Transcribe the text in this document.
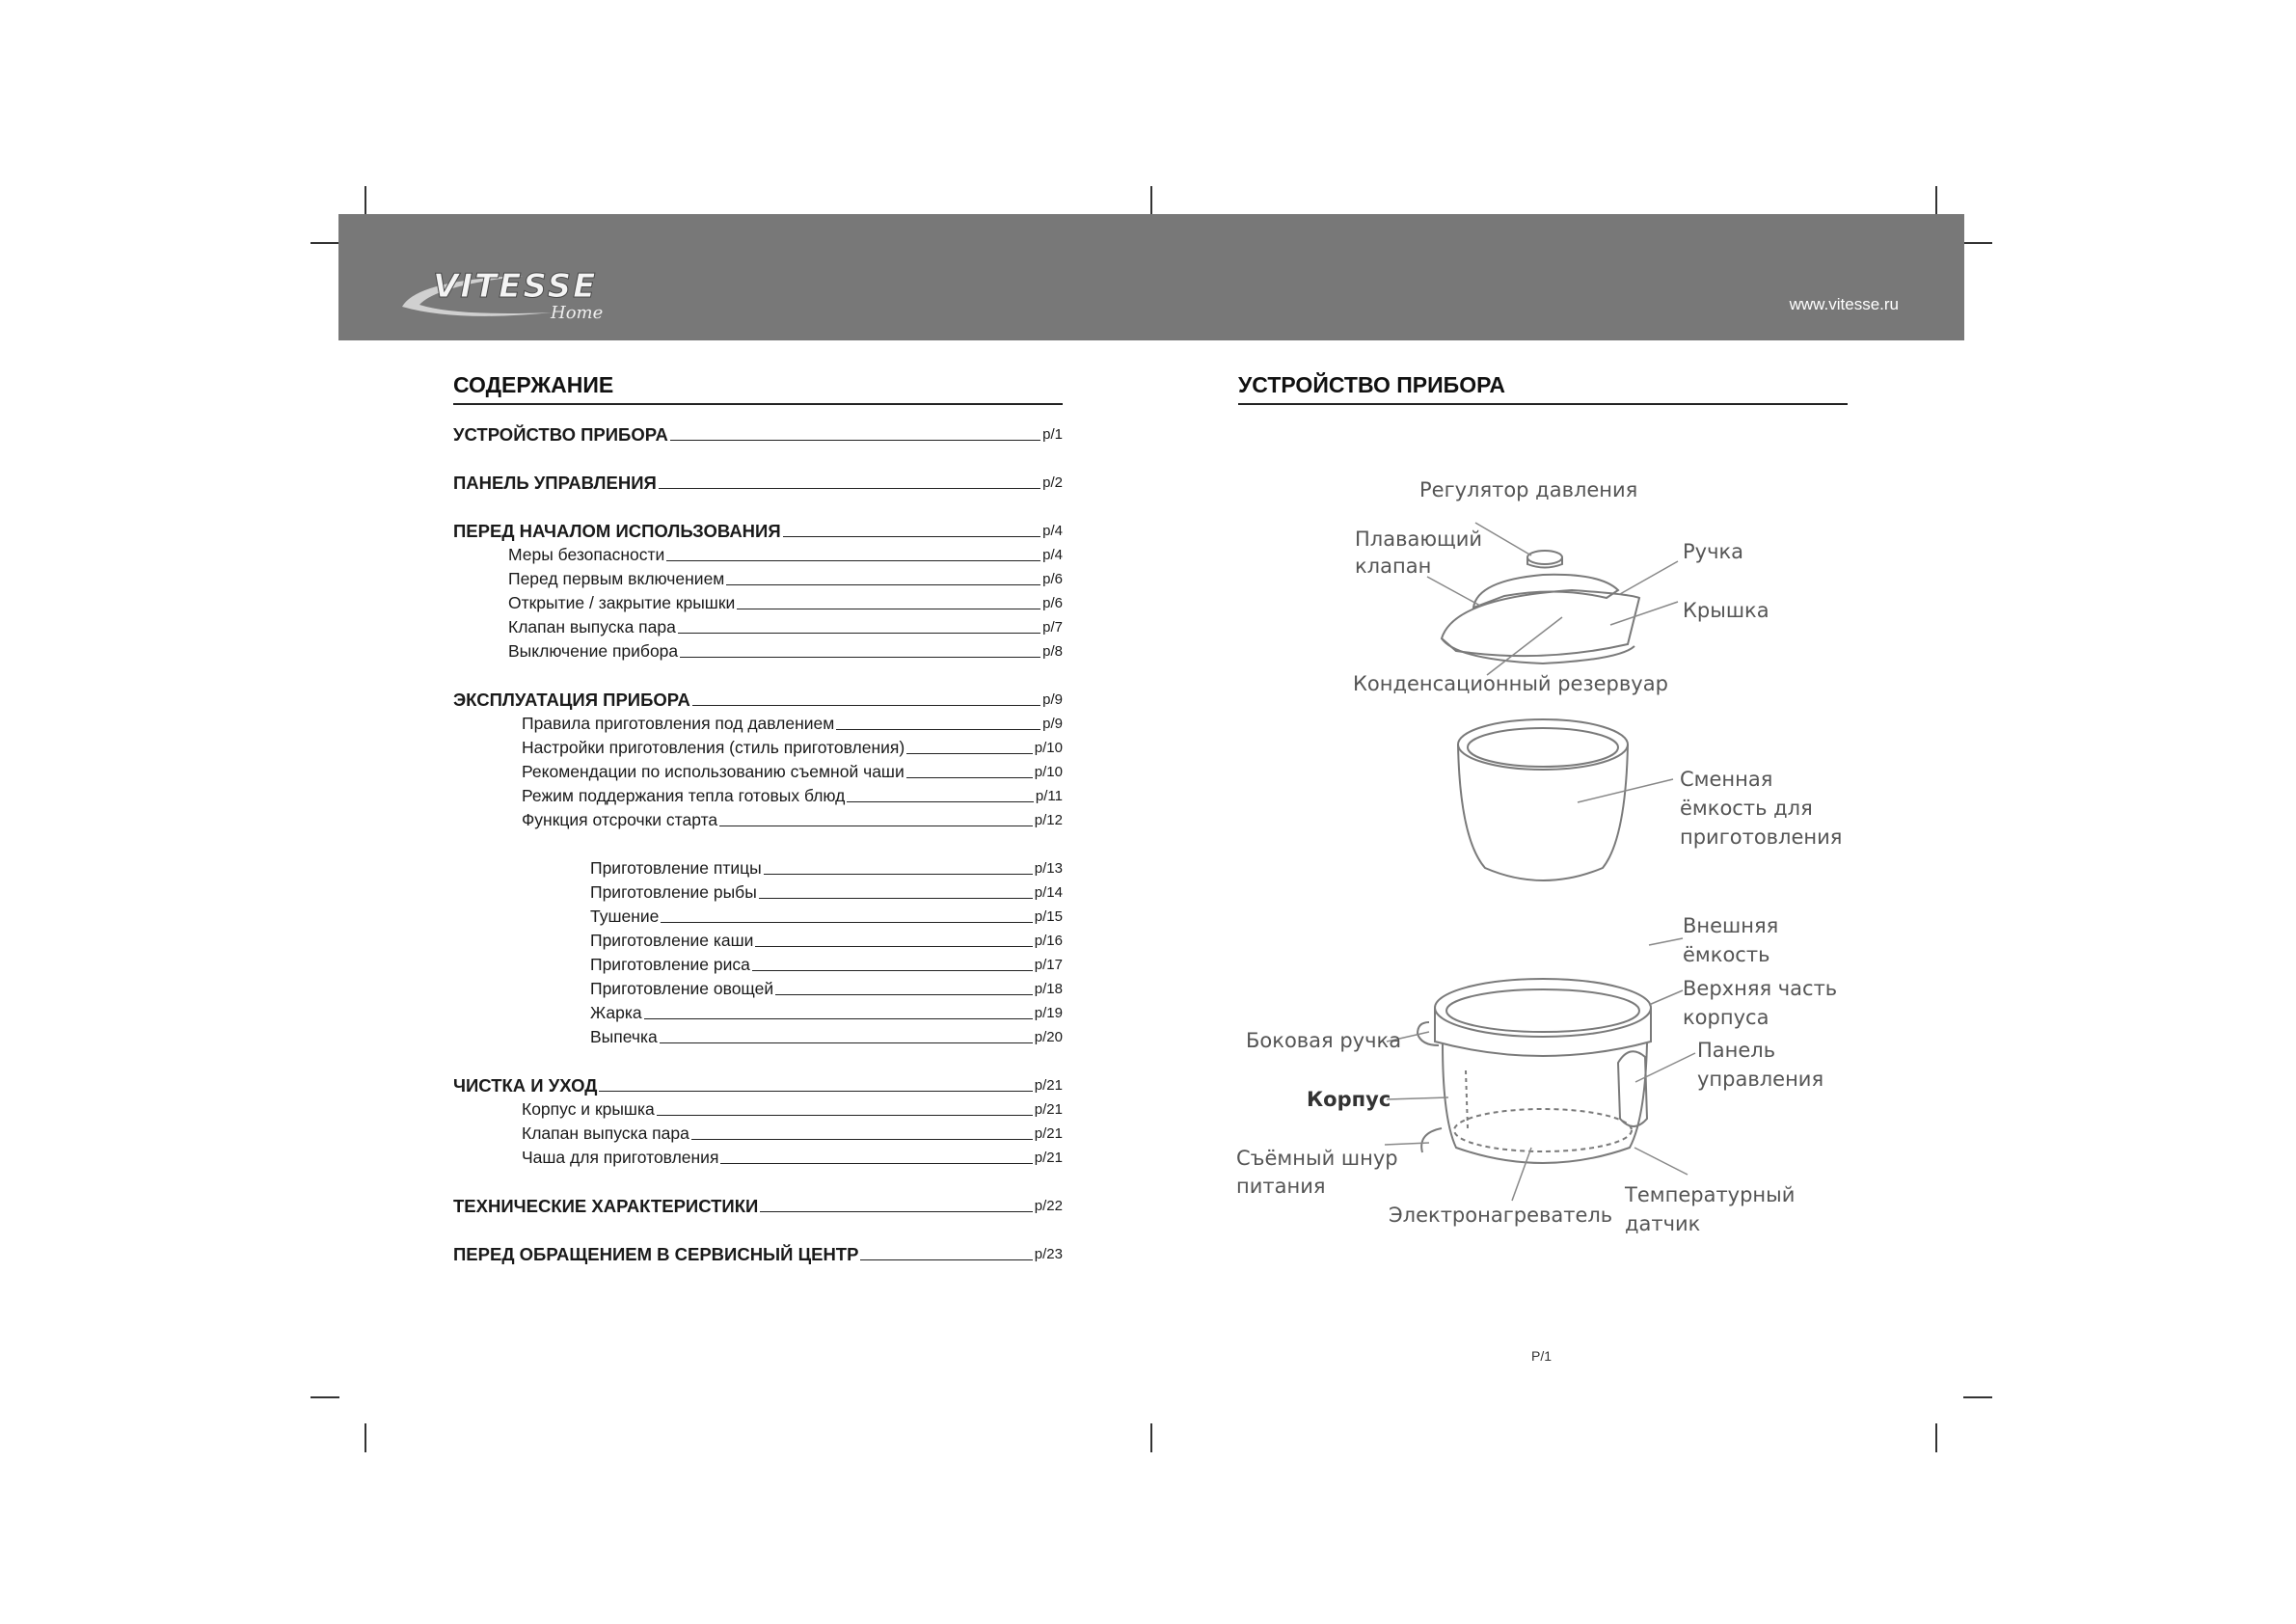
VITESSE
Home	www.vitesse.ru
СОДЕРЖАНИЕ
УСТРОЙСТВО ПРИБОРА	p/1
ПАНЕЛЬ УПРАВЛЕНИЯ	p/2
ПЕРЕД НАЧАЛОМ ИСПОЛЬЗОВАНИЯ	p/4
Меры безопасности	p/4
Перед первым включением	p/6
Открытие / закрытие крышки	p/6
Клапан выпуска пара	p/7
Выключение прибора	p/8
ЭКСПЛУАТАЦИЯ ПРИБОРА	p/9
Правила приготовления под давлением	p/9
Настройки приготовления (стиль приготовления)	p/10
Рекомендации по использованию съемной чаши	p/10
Режим поддержания тепла готовых блюд	p/11
Функция отсрочки старта	p/12
Приготовление птицы	p/13
Приготовление рыбы	p/14
Тушение	p/15
Приготовление каши	p/16
Приготовление риса	p/17
Приготовление овощей	p/18
Жарка	p/19
Выпечка	p/20
ЧИСТКА И УХОД	p/21
Корпус и крышка	p/21
Клапан выпуска пара	p/21
Чаша для приготовления	p/21
ТЕХНИЧЕСКИЕ ХАРАКТЕРИСТИКИ	p/22
ПЕРЕД ОБРАЩЕНИЕМ В СЕРВИСНЫЙ ЦЕНТР	p/23
УСТРОЙСТВО ПРИБОРА
Регулятор давления
Плавающий
клапан
Ручка
Крышка
Конденсационный резервуар
Сменная
ёмкость для
приготовления
Внешняя
ёмкость
Верхняя часть
корпуса
Боковая ручка	Панель
управления
Корпус
Съёмный шнур
питания
Электронагреватель
Температурный
датчик
P/1
